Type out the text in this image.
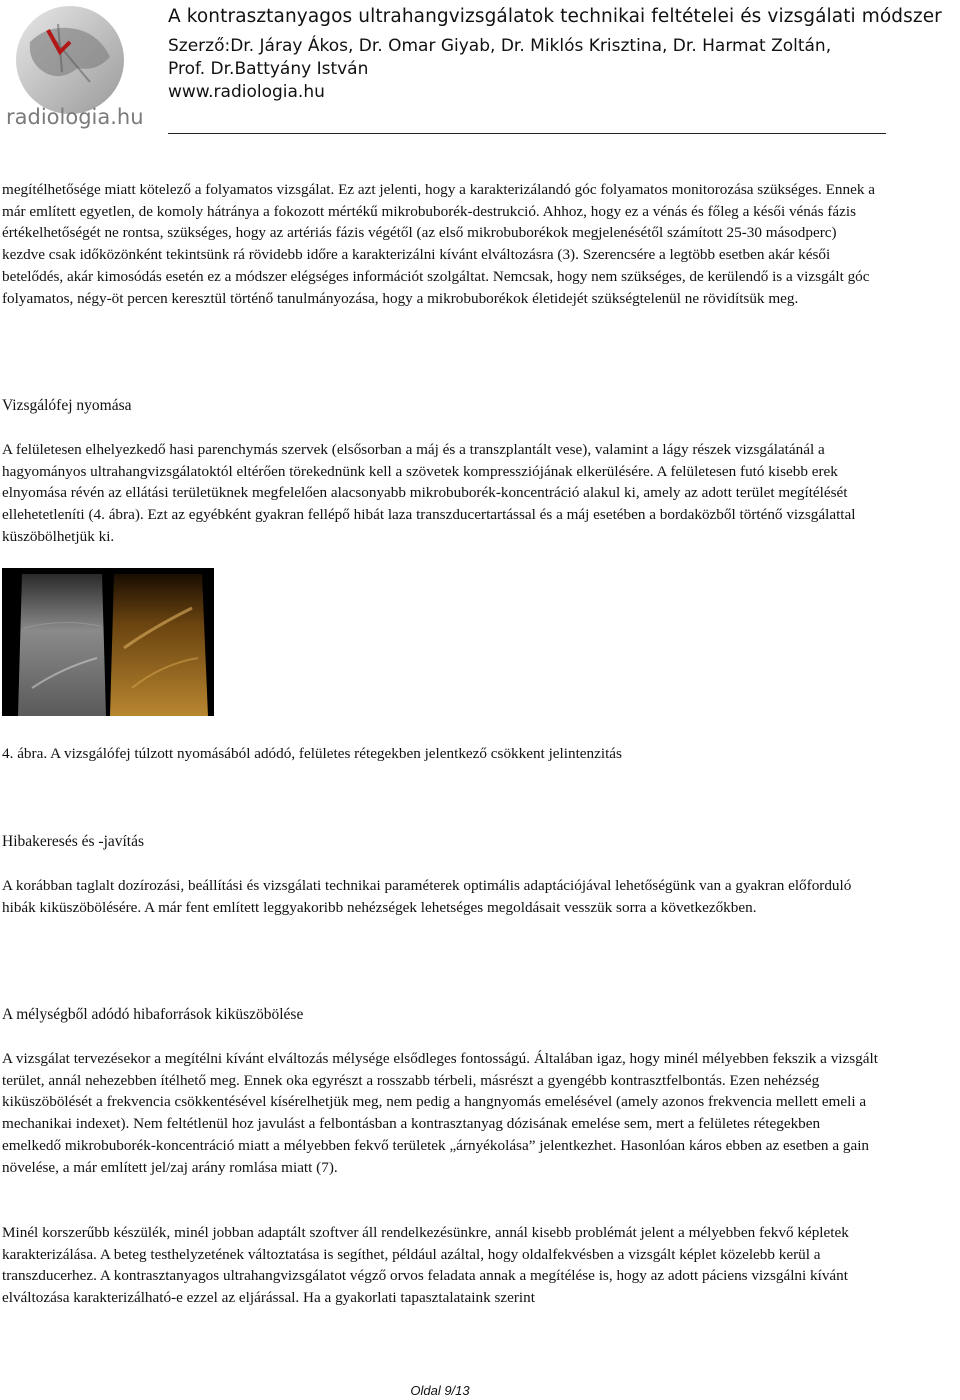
radiologia.hu
A kontrasztanyagos ultrahangvizsgálatok technikai feltételei és vizsgálati módszer
Szerző:Dr. Járay Ákos, Dr. Omar Giyab, Dr. Miklós Krisztina, Dr. Harmat Zoltán,
Prof. Dr.Battyány István
www.radiologia.hu

megítélhetősége miatt kötelező a folyamatos vizsgálat. Ez azt jelenti, hogy a karakterizálandó góc folyamatos monitorozása szükséges. Ennek a már említett egyetlen, de komoly hátránya a fokozott mértékű mikrobuborék-destrukció. Ahhoz, hogy ez a vénás és főleg a késői vénás fázis értékelhetőségét ne rontsa, szükséges, hogy az artériás fázis végétől (az első mikrobuborékok megjelenésétől számított 25-30 másodperc) kezdve csak időközönként tekintsünk rá rövidebb időre a karakterizálni kívánt elváltozásra (3). Szerencsére a legtöbb esetben akár késői betelődés, akár kimosódás esetén ez a módszer elégséges információt szolgáltat. Nemcsak, hogy nem szükséges, de kerülendő is a vizsgált góc folyamatos, négy-öt percen keresztül történő tanulmányozása, hogy a mikrobuborékok életidejét szükségtelenül ne rövidítsük meg.

Vizsgálófej nyomása

A felületesen elhelyezkedő hasi parenchymás szervek (elsősorban a máj és a transzplantált vese), valamint a lágy részek vizsgálatánál a hagyományos ultrahangvizsgálatoktól eltérően törekednünk kell a szövetek kompressziójának elkerülésére. A felületesen futó kisebb erek elnyomása révén az ellátási területüknek megfelelően alacsonyabb mikrobuborék-koncentráció alakul ki, amely az adott terület megítélését ellehetetleníti (4. ábra). Ezt az egyébként gyakran fellépő hibát laza transzducertartással és a máj esetében a bordaközből történő vizsgálattal küszöbölhetjük ki.

4. ábra. A vizsgálófej túlzott nyomásából adódó, felületes rétegekben jelentkező csökkent jelintenzitás
Hibakeresés és -javítás

A korábban taglalt dozírozási, beállítási és vizsgálati technikai paraméterek optimális adaptációjával lehetőségünk van a gyakran előforduló hibák kiküszöbölésére. A már fent említett leggyakoribb nehézségek lehetséges megoldásait vesszük sorra a következőkben.

A mélységből adódó hibaforrások kiküszöbölése

A vizsgálat tervezésekor a megítélni kívánt elváltozás mélysége elsődleges fontosságú. Általában igaz, hogy minél mélyebben fekszik a vizsgált terület, annál nehezebben ítélhető meg. Ennek oka egyrészt a rosszabb térbeli, másrészt a gyengébb kontrasztfelbontás. Ezen nehézség kiküszöbölését a frekvencia csökkentésével kísérelhetjük meg, nem pedig a hangnyomás emelésével (amely azonos frekvencia mellett emeli a mechanikai indexet). Nem feltétlenül hoz javulást a felbontásban a kontrasztanyag dózisának emelése sem, mert a felületes rétegekben emelkedő mikrobuborék-koncentráció miatt a mélyebben fekvő területek „árnyékolása” jelentkezhet. Hasonlóan káros ebben az esetben a gain növelése, a már említett jel/zaj arány romlása miatt (7).

Minél korszerűbb készülék, minél jobban adaptált szoftver áll rendelkezésünkre, annál kisebb problémát jelent a mélyebben fekvő képletek karakterizálása. A beteg testhelyzetének változtatása is segíthet, például azáltal, hogy oldalfekvésben a vizsgált képlet közelebb kerül a transzducerhez. A kontrasztanyagos ultrahangvizsgálatot végző orvos feladata annak a megítélése is, hogy az adott páciens vizsgálni kívánt elváltozása karakterizálható-e ezzel az eljárással. Ha a gyakorlati tapasztalataink szerint

Oldal 9/13
